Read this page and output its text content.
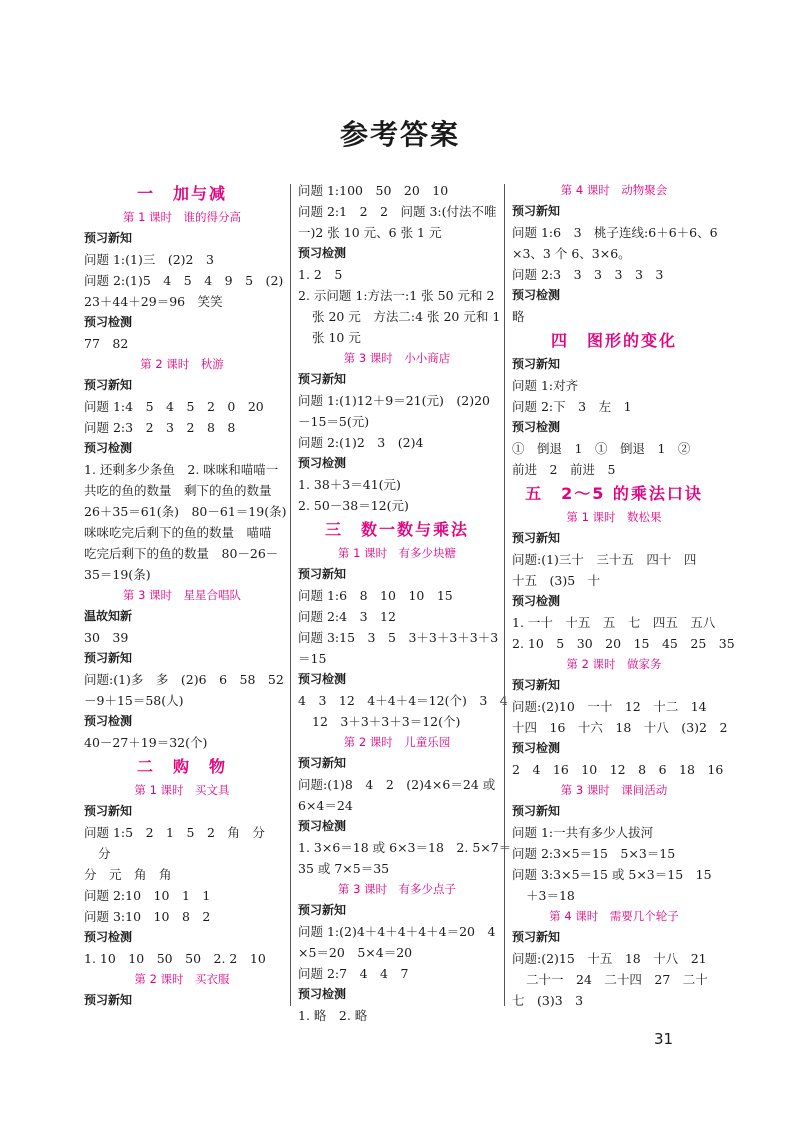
参考答案
一　加与减
第 1 课时　谁的得分高
预习新知
问题 1:(1)三　(2)2　3
问题 2:(1)5　4　5　4　9　5　(2)
23＋44＋29＝96　笑笑
预习检测
77　82
第 2 课时　秋游
预习新知
问题 1:4　5　4　5　2　0　20
问题 2:3　2　3　2　8　8
预习检测
1. 还剩多少条鱼　2. 咪咪和喵喵一
共吃的鱼的数量　剩下的鱼的数量
26＋35＝61(条)　80－61＝19(条)
咪咪吃完后剩下的鱼的数量　喵喵
吃完后剩下的鱼的数量　80－26－
35＝19(条)
第 3 课时　星星合唱队
温故知新
30　39
预习新知
问题:(1)多　多　(2)6　6　58　52
－9＋15＝58(人)
预习检测
40－27＋19＝32(个)
二　购　物
第 1 课时　买文具
预习新知
问题 1:5　2　1　5　2　角　分
分
分　元　角　角
问题 2:10　10　1　1
问题 3:10　10　8　2
预习检测
1. 10　10　50　50　2. 2　10
第 2 课时　买衣服
预习新知
问题 1:100　50　20　10
问题 2:1　2　2　问题 3:(付法不唯
一)2 张 10 元、6 张 1 元
预习检测
1. 2　5
2. 示问题 1:方法一:1 张 50 元和 2
张 20 元　方法二:4 张 20 元和 1
张 10 元
第 3 课时　小小商店
预习新知
问题 1:(1)12＋9＝21(元)　(2)20
－15＝5(元)
问题 2:(1)2　3　(2)4
预习检测
1. 38＋3＝41(元)
2. 50－38＝12(元)
三　数一数与乘法
第 1 课时　有多少块糖
预习新知
问题 1:6　8　10　10　15
问题 2:4　3　12
问题 3:15　3　5　3＋3＋3＋3＋3
＝15
预习检测
4　3　12　4＋4＋4＝12(个)　3　4
12　3＋3＋3＋3＝12(个)
第 2 课时　儿童乐园
预习新知
问题:(1)8　4　2　(2)4×6＝24 或
6×4＝24
预习检测
1. 3×6＝18 或 6×3＝18　2. 5×7＝
35 或 7×5＝35
第 3 课时　有多少点子
预习新知
问题 1:(2)4＋4＋4＋4＋4＝20　4
×5＝20　5×4＝20
问题 2:7　4　4　7
预习检测
1. 略　2. 略
第 4 课时　动物聚会
预习新知
问题 1:6　3　桃子连线:6＋6＋6、6
×3、3 个 6、3×6。
问题 2:3　3　3　3　3　3
预习检测
略
四　图形的变化
预习新知
问题 1:对齐
问题 2:下　3　左　1
预习检测
①　倒退　1　①　倒退　1　②
前进　2　前进　5
五　2～5 的乘法口诀
第 1 课时　数松果
预习新知
问题:(1)三十　三十五　四十　四
十五　(3)5　十
预习检测
1. 一十　十五　五　七　四五　五八
2. 10　5　30　20　15　45　25　35
第 2 课时　做家务
预习新知
问题:(2)10　一十　12　十二　14
十四　16　十六　18　十八　(3)2　2
预习检测
2　4　16　10　12　8　6　18　16
第 3 课时　课间活动
预习新知
问题 1:一共有多少人拔河
问题 2:3×5＝15　5×3＝15
问题 3:3×5＝15 或 5×3＝15　15
＋3＝18
第 4 课时　需要几个轮子
预习新知
问题:(2)15　十五　18　十八　21
二十一　24　二十四　27　二十
七　(3)3　3
31
